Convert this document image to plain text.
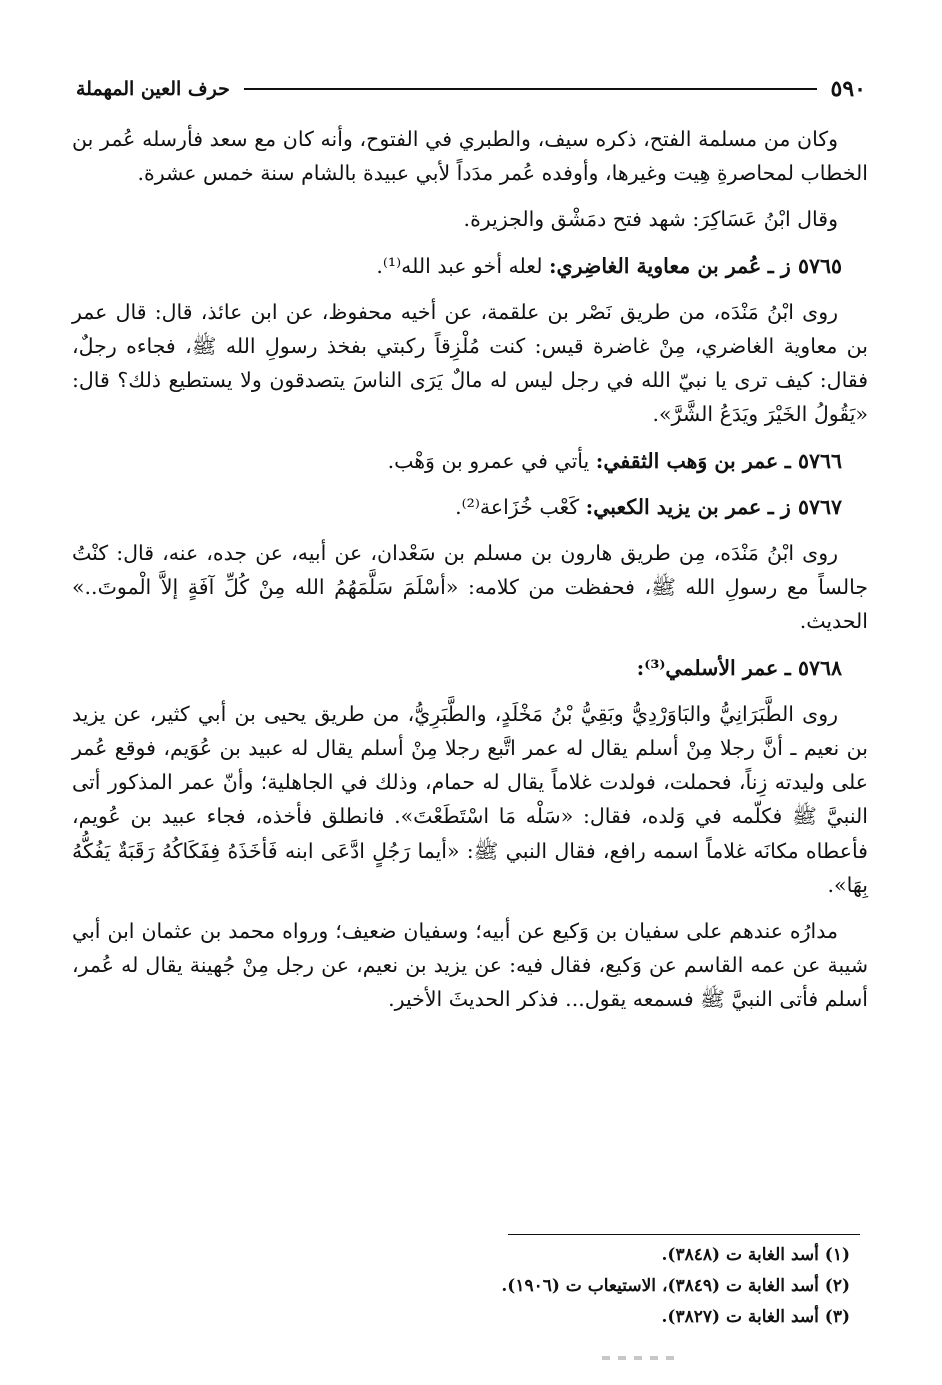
٥٩٠
حرف العين المهملة

وكان من مسلمة الفتح، ذكره سيف، والطبري في الفتوح، وأنه كان مع سعد فأرسله عُمر بن الخطاب لمحاصرةِ هِيت وغيرها، وأوفده عُمر مدَداً لأبي عبيدة بالشام سنة خمس عشرة.

وقال ابْنُ عَسَاكِرَ: شهد فتح دمَشْق والجزيرة.

٥٧٦٥ ز ـ عُمر بن معاوية الغاضِري: لعله أخو عبد الله⁽¹⁾.

روى ابْنُ مَنْدَه، من طريق نَصْر بن علقمة، عن أخيه محفوظ، عن ابن عائذ، قال: قال عمر بن معاوية الغاضري، مِنْ غاضرة قيس: كنت مُلْزِقاً ركبتي بفخذ رسولِ الله ﷺ، فجاءه رجلٌ، فقال: كيف ترى يا نبيّ الله في رجل ليس له مالٌ يَرَى الناسَ يتصدقون ولا يستطيع ذلك؟ قال: «يَقُولُ الخَيْرَ ويَدَعُ الشَّرَّ».

٥٧٦٦ ـ عمر بن وَهب الثقفي: يأتي في عمرو بن وَهْب.

٥٧٦٧ ز ـ عمر بن يزيد الكعبي: كَعْب خُزَاعة⁽²⁾.

روى ابْنُ مَنْدَه، مِن طريق هارون بن مسلم بن سَعْدان، عن أبيه، عن جده، عنه، قال: كنْتُ جالساً مع رسولِ الله ﷺ، فحفظت من كلامه: «أسْلَمَ سَلَّمَهُمُ الله مِنْ كُلِّ آفَةٍ إلاَّ الْموتَ..» الحديث.

٥٧٦٨ ـ عمر الأسلمي⁽³⁾:

روى الطَّبَرَانِيُّ والبَاوَرْدِيُّ وبَقِيُّ بْنُ مَخْلَدٍ، والطَّبَرِيُّ، من طريق يحيى بن أبي كثير، عن يزيد بن نعيم ـ أنَّ رجلا مِنْ أسلم يقال له عمر اتَّبع رجلا مِنْ أسلم يقال له عبيد بن عُوَيم، فوقع عُمر على وليدته زِناً، فحملت، فولدت غلاماً يقال له حمام، وذلك في الجاهلية؛ وأنّ عمر المذكور أتى النبيَّ ﷺ فكلّمه في وَلده، فقال: «سَلْه مَا اسْتَطَعْتَ». فانطلق فأخذه، فجاء عبيد بن عُويم، فأعطاه مكانَه غلاماً اسمه رافع، فقال النبي ﷺ: «أيما رَجُلٍ ادَّعَى ابنه فَأخَذَهُ فِفَكَاكُهُ رَقَبَةٌ يَفُكُّهُ بِهَا».

مدارُه عندهم على سفيان بن وَكيع عن أبيه؛ وسفيان ضعيف؛ ورواه محمد بن عثمان ابن أبي شيبة عن عمه القاسم عن وَكيع، فقال فيه: عن يزيد بن نعيم، عن رجل مِنْ جُهينة يقال له عُمر، أسلم فأتى النبيَّ ﷺ فسمعه يقول... فذكر الحديثَ الأخير.

(١) أسد الغابة ت (٣٨٤٨).
(٢) أسد الغابة ت (٣٨٤٩)، الاستيعاب ت (١٩٠٦).
(٣) أسد الغابة ت (٣٨٢٧).
